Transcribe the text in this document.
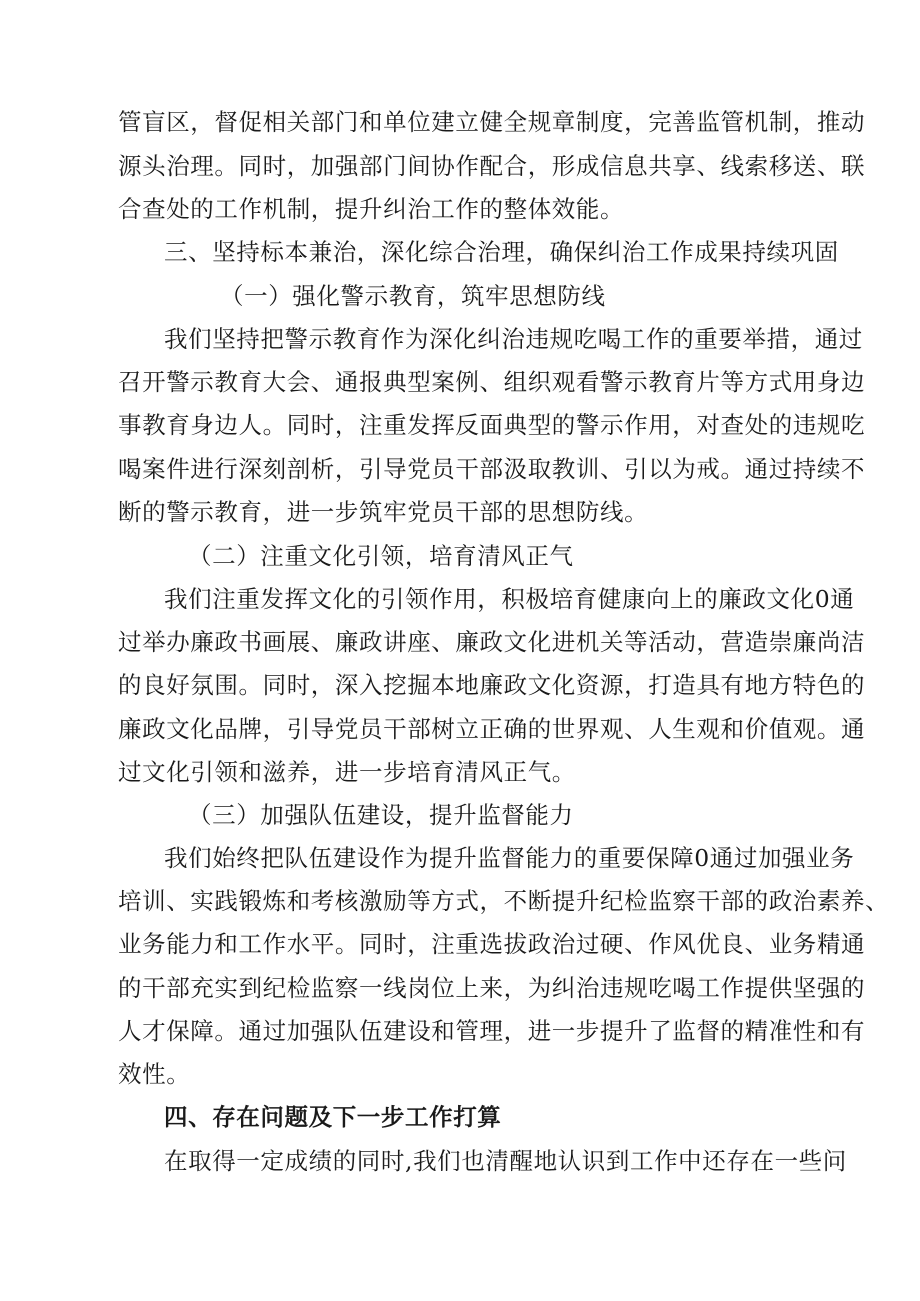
管盲区，督促相关部门和单位建立健全规章制度，完善监管机制，推动
源头治理。同时，加强部门间协作配合，形成信息共享、线索移送、联
合查处的工作机制，提升纠治工作的整体效能。
三、坚持标本兼治，深化综合治理，确保纠治工作成果持续巩固
（一）强化警示教育，筑牢思想防线
我们坚持把警示教育作为深化纠治违规吃喝工作的重要举措，通过
召开警示教育大会、通报典型案例、组织观看警示教育片等方式用身边
事教育身边人。同时，注重发挥反面典型的警示作用，对查处的违规吃
喝案件进行深刻剖析，引导党员干部汲取教训、引以为戒。通过持续不
断的警示教育，进一步筑牢党员干部的思想防线。
（二）注重文化引领，培育清风正气
我们注重发挥文化的引领作用，积极培育健康向上的廉政文化0通
过举办廉政书画展、廉政讲座、廉政文化进机关等活动，营造崇廉尚洁
的良好氛围。同时，深入挖掘本地廉政文化资源，打造具有地方特色的
廉政文化品牌，引导党员干部树立正确的世界观、人生观和价值观。通
过文化引领和滋养，进一步培育清风正气。
（三）加强队伍建设，提升监督能力
我们始终把队伍建设作为提升监督能力的重要保障0通过加强业务
培训、实践锻炼和考核激励等方式，不断提升纪检监察干部的政治素养、
业务能力和工作水平。同时，注重选拔政治过硬、作风优良、业务精通
的干部充实到纪检监察一线岗位上来，为纠治违规吃喝工作提供坚强的
人才保障。通过加强队伍建设和管理，进一步提升了监督的精准性和有
效性。
四、存在问题及下一步工作打算
在取得一定成绩的同时,我们也清醒地认识到工作中还存在一些问
